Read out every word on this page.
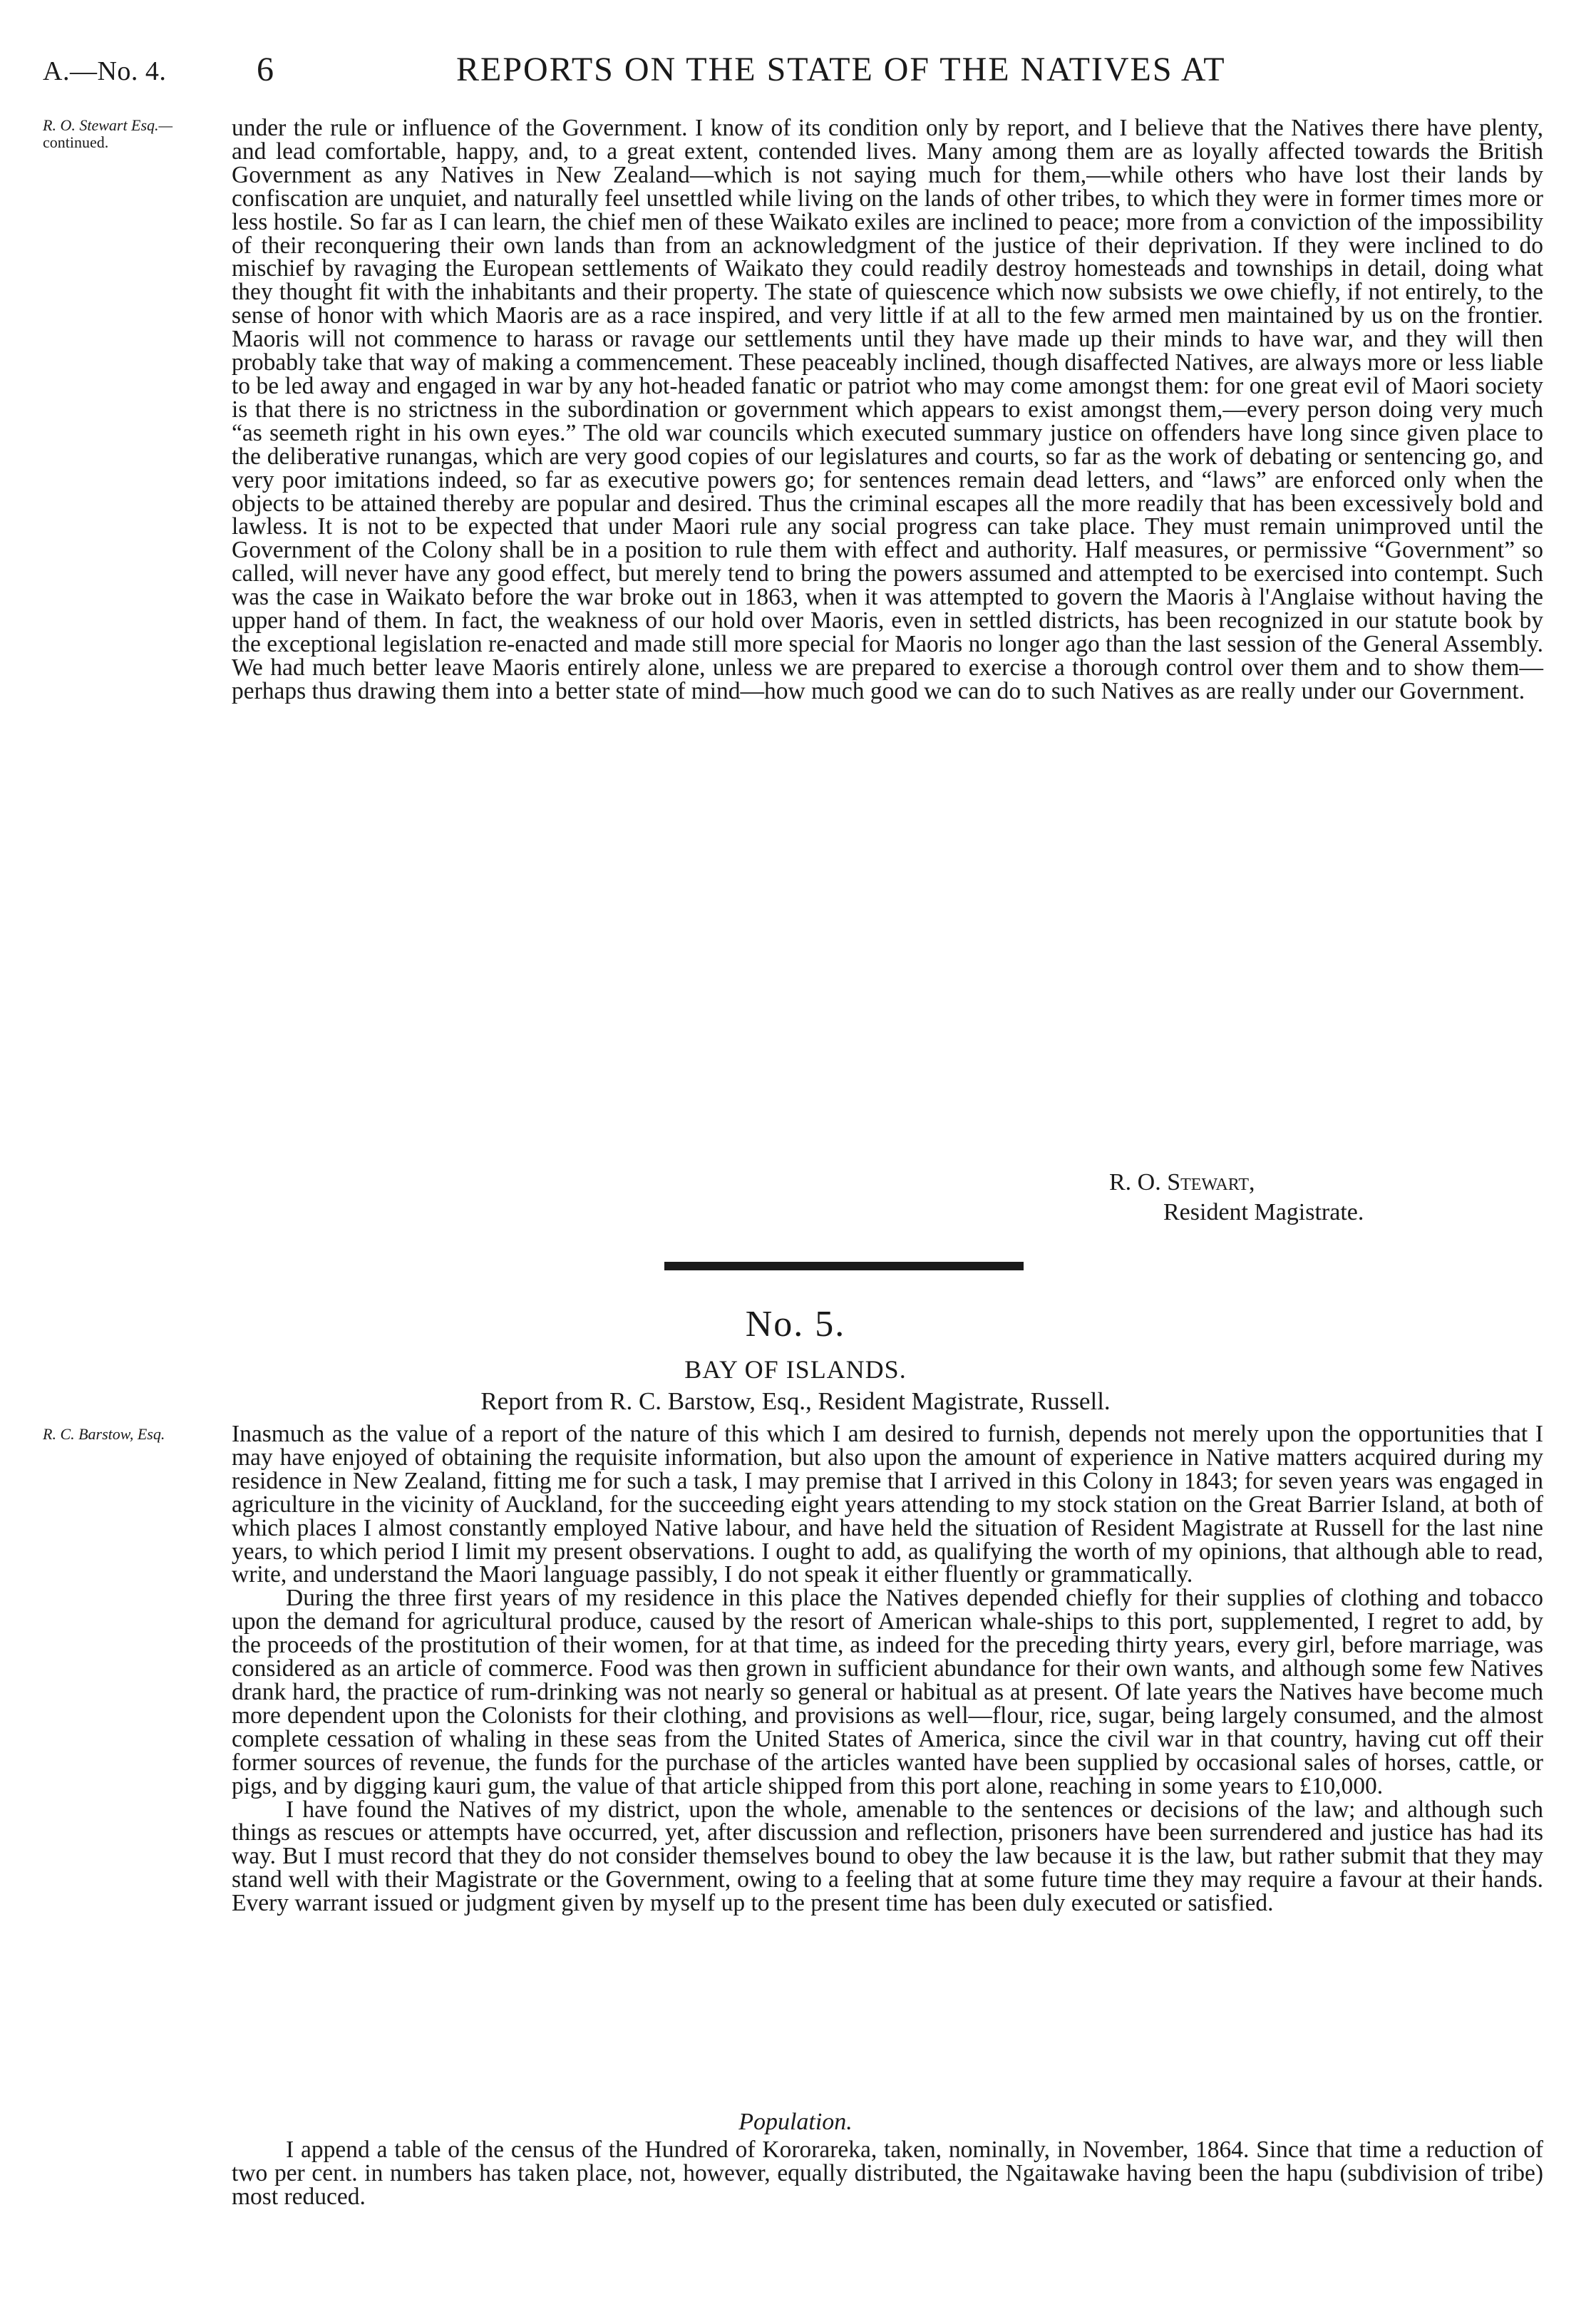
A.—No. 4.	6	REPORTS ON THE STATE OF THE NATIVES AT
R. O. Stewart Esq.—
continued.

under the rule or influence of the Government. I know of its condition only by report, and I believe that the Natives there have plenty, and lead comfortable, happy, and, to a great extent, contended lives. Many among them are as loyally affected towards the British Government as any Natives in New Zealand—which is not saying much for them,—while others who have lost their lands by confiscation are unquiet, and naturally feel unsettled while living on the lands of other tribes, to which they were in former times more or less hostile. So far as I can learn, the chief men of these Waikato exiles are inclined to peace; more from a conviction of the impossibility of their reconquering their own lands than from an acknowledgment of the justice of their deprivation. If they were inclined to do mischief by ravaging the European settlements of Waikato they could readily destroy homesteads and townships in detail, doing what they thought fit with the inhabitants and their property. The state of quiescence which now subsists we owe chiefly, if not entirely, to the sense of honor with which Maoris are as a race inspired, and very little if at all to the few armed men maintained by us on the frontier. Maoris will not commence to harass or ravage our settlements until they have made up their minds to have war, and they will then probably take that way of making a commencement. These peaceably inclined, though disaffected Natives, are always more or less liable to be led away and engaged in war by any hot-headed fanatic or patriot who may come amongst them: for one great evil of Maori society is that there is no strictness in the subordination or government which appears to exist amongst them,—every person doing very much “as seemeth right in his own eyes.” The old war councils which executed summary justice on offenders have long since given place to the deliberative runangas, which are very good copies of our legislatures and courts, so far as the work of debating or sentencing go, and very poor imitations indeed, so far as executive powers go; for sentences remain dead letters, and “laws” are enforced only when the objects to be attained thereby are popular and desired. Thus the criminal escapes all the more readily that has been excessively bold and lawless. It is not to be expected that under Maori rule any social progress can take place. They must remain unimproved until the Government of the Colony shall be in a position to rule them with effect and authority. Half measures, or permissive “Government” so called, will never have any good effect, but merely tend to bring the powers assumed and attempted to be exercised into contempt. Such was the case in Waikato before the war broke out in 1863, when it was attempted to govern the Maoris à l'Anglaise without having the upper hand of them. In fact, the weakness of our hold over Maoris, even in settled districts, has been recognized in our statute book by the exceptional legislation re-enacted and made still more special for Maoris no longer ago than the last session of the General Assembly. We had much better leave Maoris entirely alone, unless we are prepared to exercise a thorough control over them and to show them—perhaps thus drawing them into a better state of mind—how much good we can do to such Natives as are really under our Government.

R. O. Stewart,
Resident Magistrate.
No. 5.
BAY OF ISLANDS.
Report from R. C. Barstow, Esq., Resident Magistrate, Russell.
R. C. Barstow, Esq.	Inasmuch as the value of a report of the nature of this which I am desired to furnish, depends not merely upon the opportunities that I may have enjoyed of obtaining the requisite information, but also upon the amount of experience in Native matters acquired during my residence in New Zealand, fitting me for such a task, I may premise that I arrived in this Colony in 1843; for seven years was engaged in agriculture in the vicinity of Auckland, for the succeeding eight years attending to my stock station on the Great Barrier Island, at both of which places I almost constantly employed Native labour, and have held the situation of Resident Magistrate at Russell for the last nine years, to which period I limit my present observations. I ought to add, as qualifying the worth of my opinions, that although able to read, write, and understand the Maori language passibly, I do not speak it either fluently or grammatically.

During the three first years of my residence in this place the Natives depended chiefly for their supplies of clothing and tobacco upon the demand for agricultural produce, caused by the resort of American whale-ships to this port, supplemented, I regret to add, by the proceeds of the prostitution of their women, for at that time, as indeed for the preceding thirty years, every girl, before marriage, was considered as an article of commerce. Food was then grown in sufficient abundance for their own wants, and although some few Natives drank hard, the practice of rum-drinking was not nearly so general or habitual as at present. Of late years the Natives have become much more dependent upon the Colonists for their clothing, and provisions as well—flour, rice, sugar, being largely consumed, and the almost complete cessation of whaling in these seas from the United States of America, since the civil war in that country, having cut off their former sources of revenue, the funds for the purchase of the articles wanted have been supplied by occasional sales of horses, cattle, or pigs, and by digging kauri gum, the value of that article shipped from this port alone, reaching in some years to £10,000.

I have found the Natives of my district, upon the whole, amenable to the sentences or decisions of the law; and although such things as rescues or attempts have occurred, yet, after discussion and reflection, prisoners have been surrendered and justice has had its way. But I must record that they do not consider themselves bound to obey the law because it is the law, but rather submit that they may stand well with their Magistrate or the Government, owing to a feeling that at some future time they may require a favour at their hands. Every warrant issued or judgment given by myself up to the present time has been duly executed or satisfied.

Population.

I append a table of the census of the Hundred of Kororareka, taken, nominally, in November, 1864. Since that time a reduction of two per cent. in numbers has taken place, not, however, equally distributed, the Ngaitawake having been the hapu (subdivision of tribe) most reduced.
